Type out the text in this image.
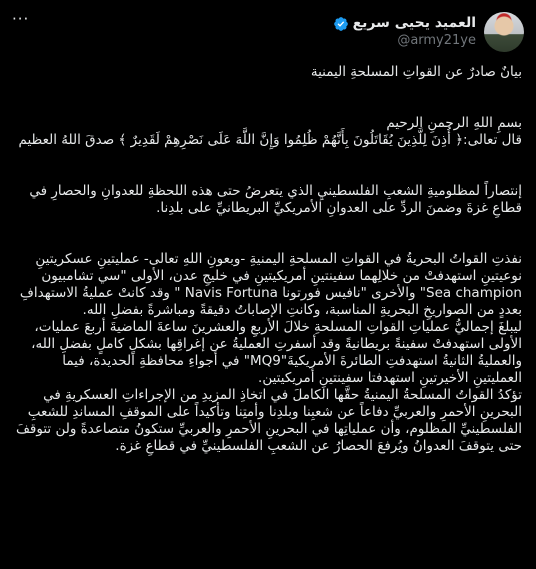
···	العميد يحيى سريع
@army21ye

بيانٌ صادرٌ عن القواتِ المسلحةِ اليمنية

بسمِ اللهِ الرحمنِ الرحيم

قال تعالى:﴿ أُذِنَ لِلَّذِينَ يُقَاتَلُونَ بِأَنَّهُمْ ظُلِمُوا وَإِنَّ اللَّهَ عَلَى نَصْرِهِمْ لَقَدِيرٌ ﴾ صدقَ اللهُ العظيم

إنتصاراً لمظلوميةِ الشعبِ الفلسطينيِ الذي يتعرضُ حتى هذه اللحظةِ للعدوانِ والحصارِ في قطاعِ غزةَ وضمنَ الردِّ على العدوانِ الأمريكيِّ البريطانيِّ على بلدِنا.

نفذتِ القواتُ البحريةُ في القواتِ المسلحةِ اليمنيةِ -وبعونِ اللهِ تعالى- عمليتينِ عسكريتينِ نوعيتينِ استهدفتْ من خلالِهما سفينتينِ أمريكيتينِ في خليجِ عدن، الأولى "سي تشامبيون Sea champion" والأخرى "نافيس فورتونا Navis Fortuna " وقد كانتْ عمليةُ الاستهدافِ بعددٍ من الصواريخِ البحريةِ المناسبة، وكانتِ الإصاباتُ دقيقةً ومباشرةً بفضلِ الله.

ليبلغَ إجماليُّ عملياتِ القواتِ المسلحةِ خلالَ الأربعِ والعشرينَ ساعةَ الماضيةَ أربعَ عمليات، الأولى استهدفتْ سفينةً بريطانيةً وقد أسفرتِ العمليةُ عن إغراقِها بشكلٍ كاملٍ بفضلِ الله، والعمليةُ الثانيةُ استهدفتِ الطائرةَ الأمريكيةَ"MQ9" في أجواءِ محافظةِ الحديدة، فيما العمليتينِ الأخيرتينِ استهدفتا سفينتينِ أمريكيتين.

تؤكدُ القواتُ المسلحةُ اليمنيةُ حقَّها الكاملَ في اتخاذِ المزيدِ من الإجراءاتِ العسكريةِ في البحرينِ الأحمرِ والعربيِّ دفاعاً عن شعبِنا وبلدِنا وأمتِنا وتأكيداً على الموقفِ المساندِ للشعبِ الفلسطينيِّ المظلوم، وأن عملياتِها في البحرينِ الأحمرِ والعربيِّ ستكونُ متصاعدةً ولن تتوقفَ حتى يتوقفَ العدوانُ ويُرفعَ الحصارُ عن الشعبِ الفلسطينيِّ في قطاعِ غزة.
